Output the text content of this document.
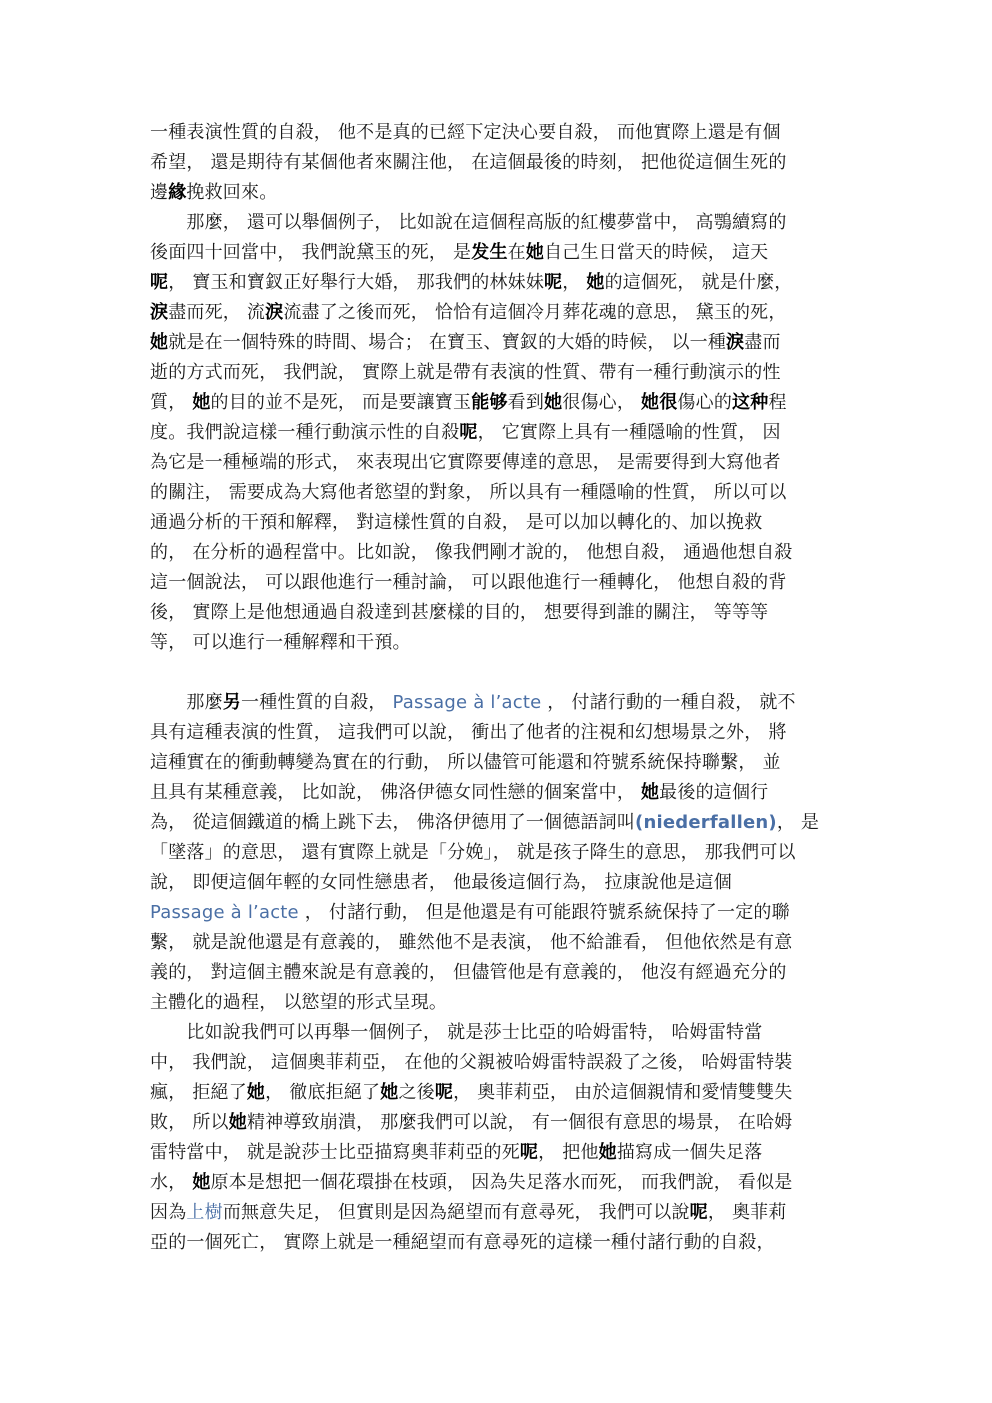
一種表演性質的自殺， 他不是真的已經下定決心要自殺， 而他實際上還是有個
希望， 還是期待有某個他者來關注他， 在這個最後的時刻， 把他從這個生死的
邊緣挽救回來。
　　那麼， 還可以舉個例子， 比如說在這個程高版的紅樓夢當中， 高鶚續寫的
後面四十回當中， 我們說黛玉的死， 是发生在她自己生日當天的時候， 這天
呢， 寶玉和寶釵正好舉行大婚， 那我們的林妹妹呢， 她的這個死， 就是什麼，
淚盡而死， 流淚流盡了之後而死， 恰恰有這個冷月葬花魂的意思， 黛玉的死，
她就是在一個特殊的時間、場合； 在寶玉、寶釵的大婚的時候， 以一種淚盡而
逝的方式而死， 我們說， 實際上就是帶有表演的性質、帶有一種行動演示的性
質， 她的目的並不是死， 而是要讓寶玉能够看到她很傷心， 她很傷心的这种程
度。我們說這樣一種行動演示性的自殺呢， 它實際上具有一種隱喻的性質， 因
為它是一種極端的形式， 來表現出它實際要傳達的意思， 是需要得到大寫他者
的關注， 需要成為大寫他者慾望的對象， 所以具有一種隱喻的性質， 所以可以
通過分析的干預和解釋， 對這樣性質的自殺， 是可以加以轉化的、加以挽救
的， 在分析的過程當中。比如說， 像我們剛才說的， 他想自殺， 通過他想自殺
這一個說法， 可以跟他進行一種討論， 可以跟他進行一種轉化， 他想自殺的背
後， 實際上是他想通過自殺達到甚麼樣的目的， 想要得到誰的關注， 等等等
等， 可以進行一種解釋和干預。
　　那麼另一種性質的自殺， Passage à l’acte ， 付諸行動的一種自殺， 就不
具有這種表演的性質， 這我們可以說， 衝出了他者的注視和幻想場景之外， 將
這種實在的衝動轉變為實在的行動， 所以儘管可能還和符號系統保持聯繫， 並
且具有某種意義， 比如說， 佛洛伊德女同性戀的個案當中， 她最後的這個行
為， 從這個鐵道的橋上跳下去， 佛洛伊德用了一個德語詞叫(niederfallen)， 是
「墜落」的意思， 還有實際上就是「分娩」， 就是孩子降生的意思， 那我們可以
說， 即便這個年輕的女同性戀患者， 他最後這個行為， 拉康說他是這個
Passage à l’acte ， 付諸行動， 但是他還是有可能跟符號系統保持了一定的聯
繫， 就是說他還是有意義的， 雖然他不是表演， 他不給誰看， 但他依然是有意
義的， 對這個主體來說是有意義的， 但儘管他是有意義的， 他沒有經過充分的
主體化的過程， 以慾望的形式呈現。
　　比如說我們可以再舉一個例子， 就是莎士比亞的哈姆雷特， 哈姆雷特當
中， 我們說， 這個奧菲莉亞， 在他的父親被哈姆雷特誤殺了之後， 哈姆雷特裝
瘋， 拒絕了她， 徹底拒絕了她之後呢， 奧菲莉亞， 由於這個親情和愛情雙雙失
敗， 所以她精神導致崩潰， 那麼我們可以說， 有一個很有意思的場景， 在哈姆
雷特當中， 就是說莎士比亞描寫奧菲莉亞的死呢， 把他她描寫成一個失足落
水， 她原本是想把一個花環掛在枝頭， 因為失足落水而死， 而我們說， 看似是
因為上樹而無意失足， 但實則是因為絕望而有意尋死， 我們可以說呢， 奧菲莉
亞的一個死亡， 實際上就是一種絕望而有意尋死的這樣一種付諸行動的自殺，
